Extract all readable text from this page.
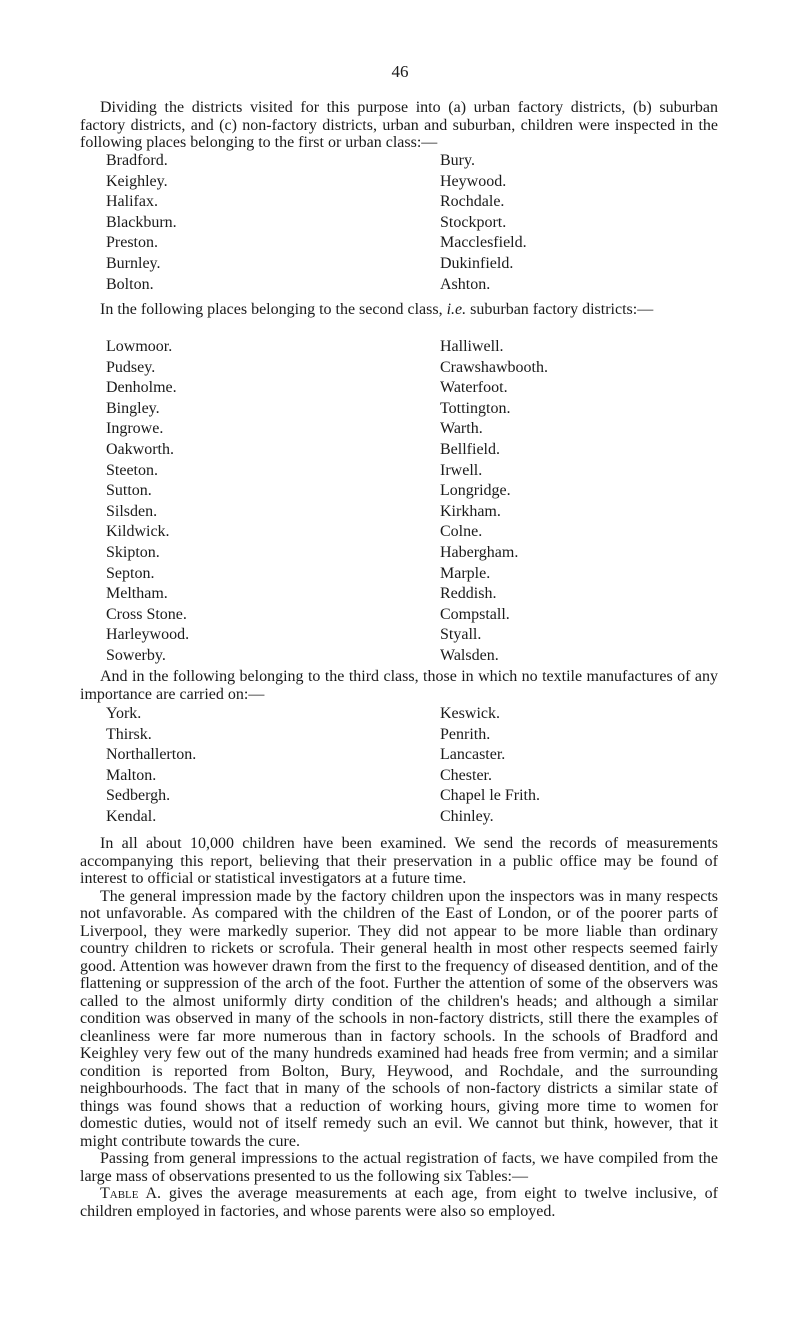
46

Dividing the districts visited for this purpose into (a) urban factory districts, (b) suburban factory districts, and (c) non-factory districts, urban and suburban, children were inspected in the following places belonging to the first or urban class:—

Bradford.
Keighley.
Halifax.
Blackburn.
Preston.
Burnley.
Bolton.
Bury.
Heywood.
Rochdale.
Stockport.
Macclesfield.
Dukinfield.
Ashton.

In the following places belonging to the second class, i.e. suburban factory districts:—

Lowmoor.
Pudsey.
Denholme.
Bingley.
Ingrowe.
Oakworth.
Steeton.
Sutton.
Silsden.
Kildwick.
Skipton.
Septon.
Meltham.
Cross Stone.
Harleywood.
Sowerby.
Halliwell.
Crawshawbooth.
Waterfoot.
Tottington.
Warth.
Bellfield.
Irwell.
Longridge.
Kirkham.
Colne.
Habergham.
Marple.
Reddish.
Compstall.
Styall.
Walsden.

And in the following belonging to the third class, those in which no textile manufactures of any importance are carried on:—

York.
Thirsk.
Northallerton.
Malton.
Sedbergh.
Kendal.
Keswick.
Penrith.
Lancaster.
Chester.
Chapel le Frith.
Chinley.

In all about 10,000 children have been examined. We send the records of measurements accompanying this report, believing that their preservation in a public office may be found of interest to official or statistical investigators at a future time.

The general impression made by the factory children upon the inspectors was in many respects not unfavorable. As compared with the children of the East of London, or of the poorer parts of Liverpool, they were markedly superior. They did not appear to be more liable than ordinary country children to rickets or scrofula. Their general health in most other respects seemed fairly good. Attention was however drawn from the first to the frequency of diseased dentition, and of the flattening or suppression of the arch of the foot. Further the attention of some of the observers was called to the almost uniformly dirty condition of the children's heads; and although a similar condition was observed in many of the schools in non-factory districts, still there the examples of cleanliness were far more numerous than in factory schools. In the schools of Bradford and Keighley very few out of the many hundreds examined had heads free from vermin; and a similar condition is reported from Bolton, Bury, Heywood, and Rochdale, and the surrounding neighbourhoods. The fact that in many of the schools of non-factory districts a similar state of things was found shows that a reduction of working hours, giving more time to women for domestic duties, would not of itself remedy such an evil. We cannot but think, however, that it might contribute towards the cure.

Passing from general impressions to the actual registration of facts, we have compiled from the large mass of observations presented to us the following six Tables:—

Table A. gives the average measurements at each age, from eight to twelve inclusive, of children employed in factories, and whose parents were also so employed.
